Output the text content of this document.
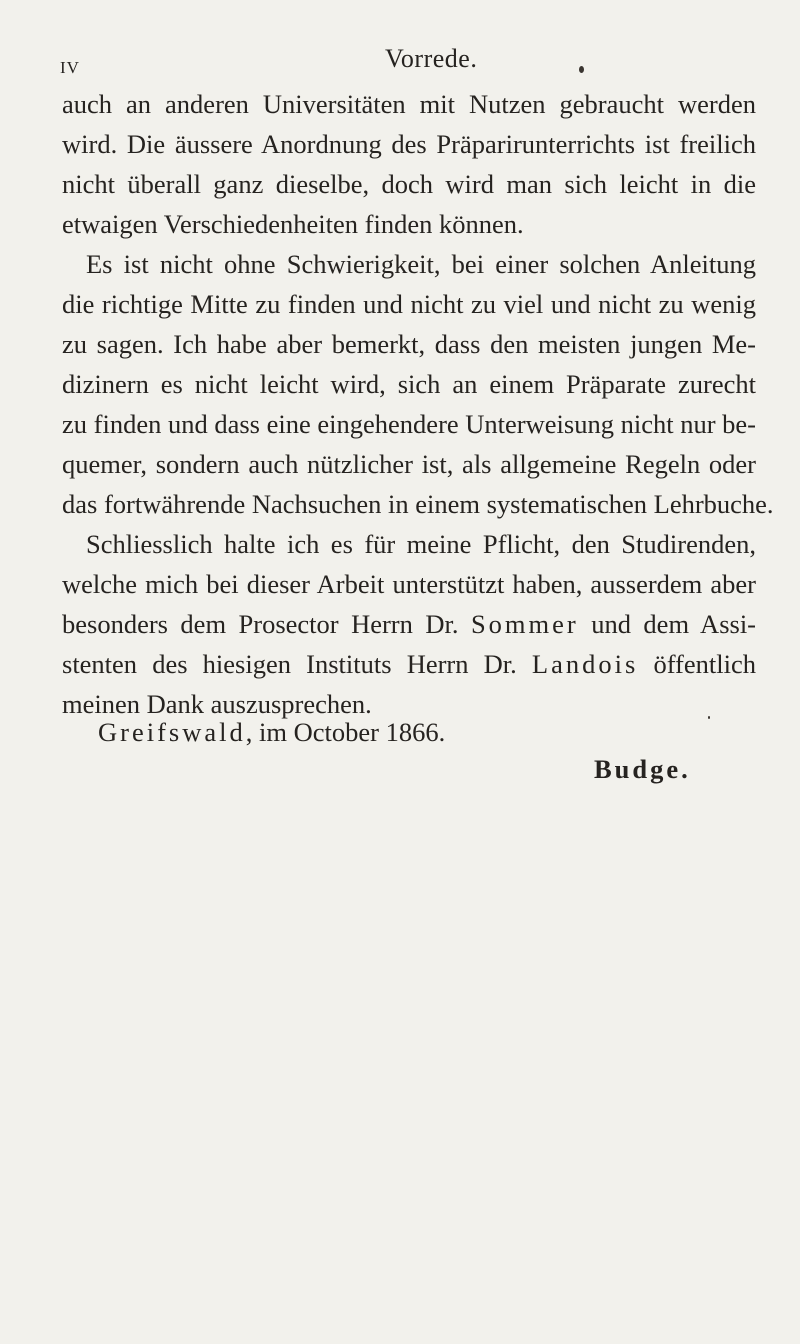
IV	Vorrede.
auch an anderen Universitäten mit Nutzen gebraucht werden
wird. Die äussere Anordnung des Präparirunterrichts ist freilich
nicht überall ganz dieselbe, doch wird man sich leicht in die
etwaigen Verschiedenheiten finden können.
Es ist nicht ohne Schwierigkeit, bei einer solchen Anleitung
die richtige Mitte zu finden und nicht zu viel und nicht zu wenig
zu sagen. Ich habe aber bemerkt, dass den meisten jungen Me-
dizinern es nicht leicht wird, sich an einem Präparate zurecht
zu finden und dass eine eingehendere Unterweisung nicht nur be-
quemer, sondern auch nützlicher ist, als allgemeine Regeln oder
das fortwährende Nachsuchen in einem systematischen Lehrbuche.
Schliesslich halte ich es für meine Pflicht, den Studirenden,
welche mich bei dieser Arbeit unterstützt haben, ausserdem aber
besonders dem Prosector Herrn Dr. Sommer und dem Assi-
stenten des hiesigen Instituts Herrn Dr. Landois öffentlich
meinen Dank auszusprechen.
Greifswald, im October 1866.
Budge.
